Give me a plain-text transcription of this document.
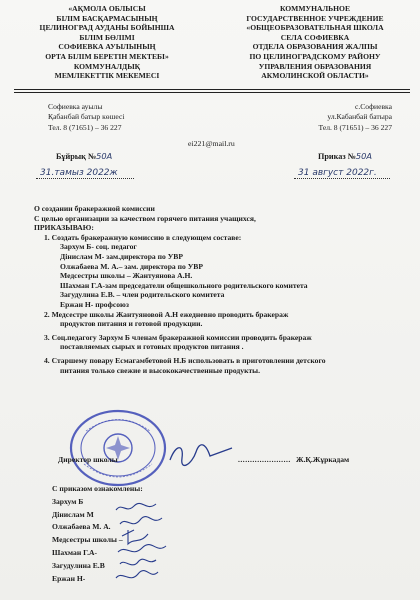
«АҚМОЛА ОБЛЫСЫ
БІЛІМ БАСҚАРМАСЫНЫҢ
ЦЕЛИНОГРАД АУДАНЫ БОЙЫНША
БІЛІМ БӨЛІМІ
СОФИЕВКА АУЫЛЫНЫҢ
ОРТА БІЛІМ БЕРЕТІН МЕКТЕБІ»
КОММУНАЛДЫҚ
МЕМЛЕКЕТТІК МЕКЕМЕСІ
КОММУНАЛЬНОЕ
ГОСУДАРСТВЕННОЕ УЧРЕЖДЕНИЕ
«ОБЩЕОБРАЗОВАТЕЛЬНАЯ ШКОЛА
СЕЛА СОФИЕВКА
ОТДЕЛА ОБРАЗОВАНИЯ ЖАЛПЫ
ПО ЦЕЛИНОГРАДСКОМУ РАЙОНУ
УПРАВЛЕНИЯ ОБРАЗОВАНИЯ
АКМОЛИНСКОЙ ОБЛАСТИ»
Софиевка ауылы
Қабанбай батыр көшесі
Тел. 8 (71651) – 36 227
с.Софиевка
ул.Кабанбай батыра
Тел. 8 (71651) – 36 227
ei221@mail.ru
Бұйрық №50А	Приказ №50А
31.тамыз 2022ж	31 август 2022г.
О создании бракеражной комиссии
С целью организации за качеством горячего питания учащихся,
ПРИКАЗЫВАЮ:
1. Создать бракеражную комиссию в следующем составе:
Зархум Б- соц. педагог
Дінислам М- зам.директора по УВР
Олжабаева М. А.– зам. директора по УВР
Медсестры школы – Жантуянова А.Н.
Шахман Г.А-зам председатели общешкольного родительского комитета
Загудулина Е.В. – член родительского комитета
Ержан Н- профсоюз
2. Медсестре школы Жантуяновой А.Н ежедневно проводить бракераж
продуктов питания и готовой продукции.
3. Соц.педагогу Зархум Б членам бракеражной комиссии проводить бракераж
поставляемых сырых и готовых продуктов питания .
4. Старшему повару Есмагамбетовой Н.Б использовать в приготовлении детского
питания только свежие и высококачественные продукты.
Директор школы	...................... Ж.Қ.Жұркадам
С приказом ознакомлены:
Зархум Б
Дінислам М
Олжабаева М. А.
Медсестры школы –
Шахман Г.А-
Загудулина Е.В
Ержан Н-
